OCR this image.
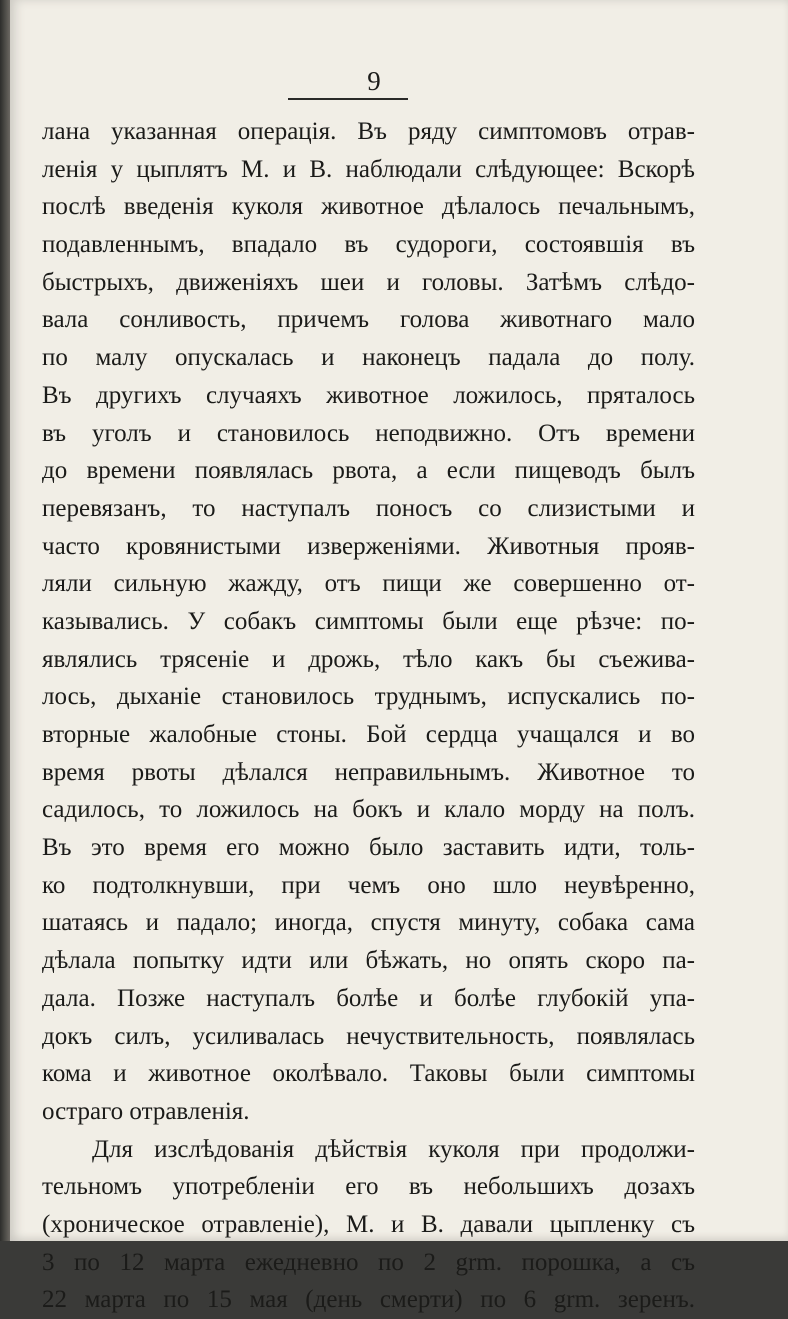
9
лана указанная операція. Въ ряду симптомовъ отрав-
ленія у цыплятъ М. и В. наблюдали слѣдующее: Вскорѣ
послѣ введенія куколя животное дѣлалось печальнымъ,
подавленнымъ, впадало въ судороги, состоявшія въ
быстрыхъ, движеніяхъ шеи и головы. Затѣмъ слѣдо-
вала сонливость, причемъ голова животнаго мало
по малу опускалась и наконецъ падала до полу.
Въ другихъ случаяхъ животное ложилось, пряталось
въ уголъ и становилось неподвижно. Отъ времени
до времени появлялась рвота, а если пищеводъ былъ
перевязанъ, то наступалъ поносъ со слизистыми и
часто кровянистыми изверженіями. Животныя прояв-
ляли сильную жажду, отъ пищи же совершенно от-
казывались. У собакъ симптомы были еще рѣзче: по-
являлись трясеніе и дрожь, тѣло какъ бы съежива-
лось, дыханіе становилось труднымъ, испускались по-
вторные жалобные стоны. Бой сердца учащался и во
время рвоты дѣлался неправильнымъ. Животное то
садилось, то ложилось на бокъ и клало морду на полъ.
Въ это время его можно было заставить идти, толь-
ко подтолкнувши, при чемъ оно шло неувѣренно,
шатаясь и падало; иногда, спустя минуту, собака сама
дѣлала попытку идти или бѣжать, но опять скоро па-
дала. Позже наступалъ болѣе и болѣе глубокій упа-
докъ силъ, усиливалась нечуствительность, появлялась
кома и животное околѣвало. Таковы были симптомы
остраго отравленія.
Для изслѣдованія дѣйствія куколя при продолжи-
тельномъ употребленіи его въ небольшихъ дозахъ
(хроническое отравленіе), М. и В. давали цыпленку съ
3 по 12 марта ежедневно по 2 grm. порошка, а съ
22 марта по 15 мая (день смерти) по 6 grm. зеренъ.
